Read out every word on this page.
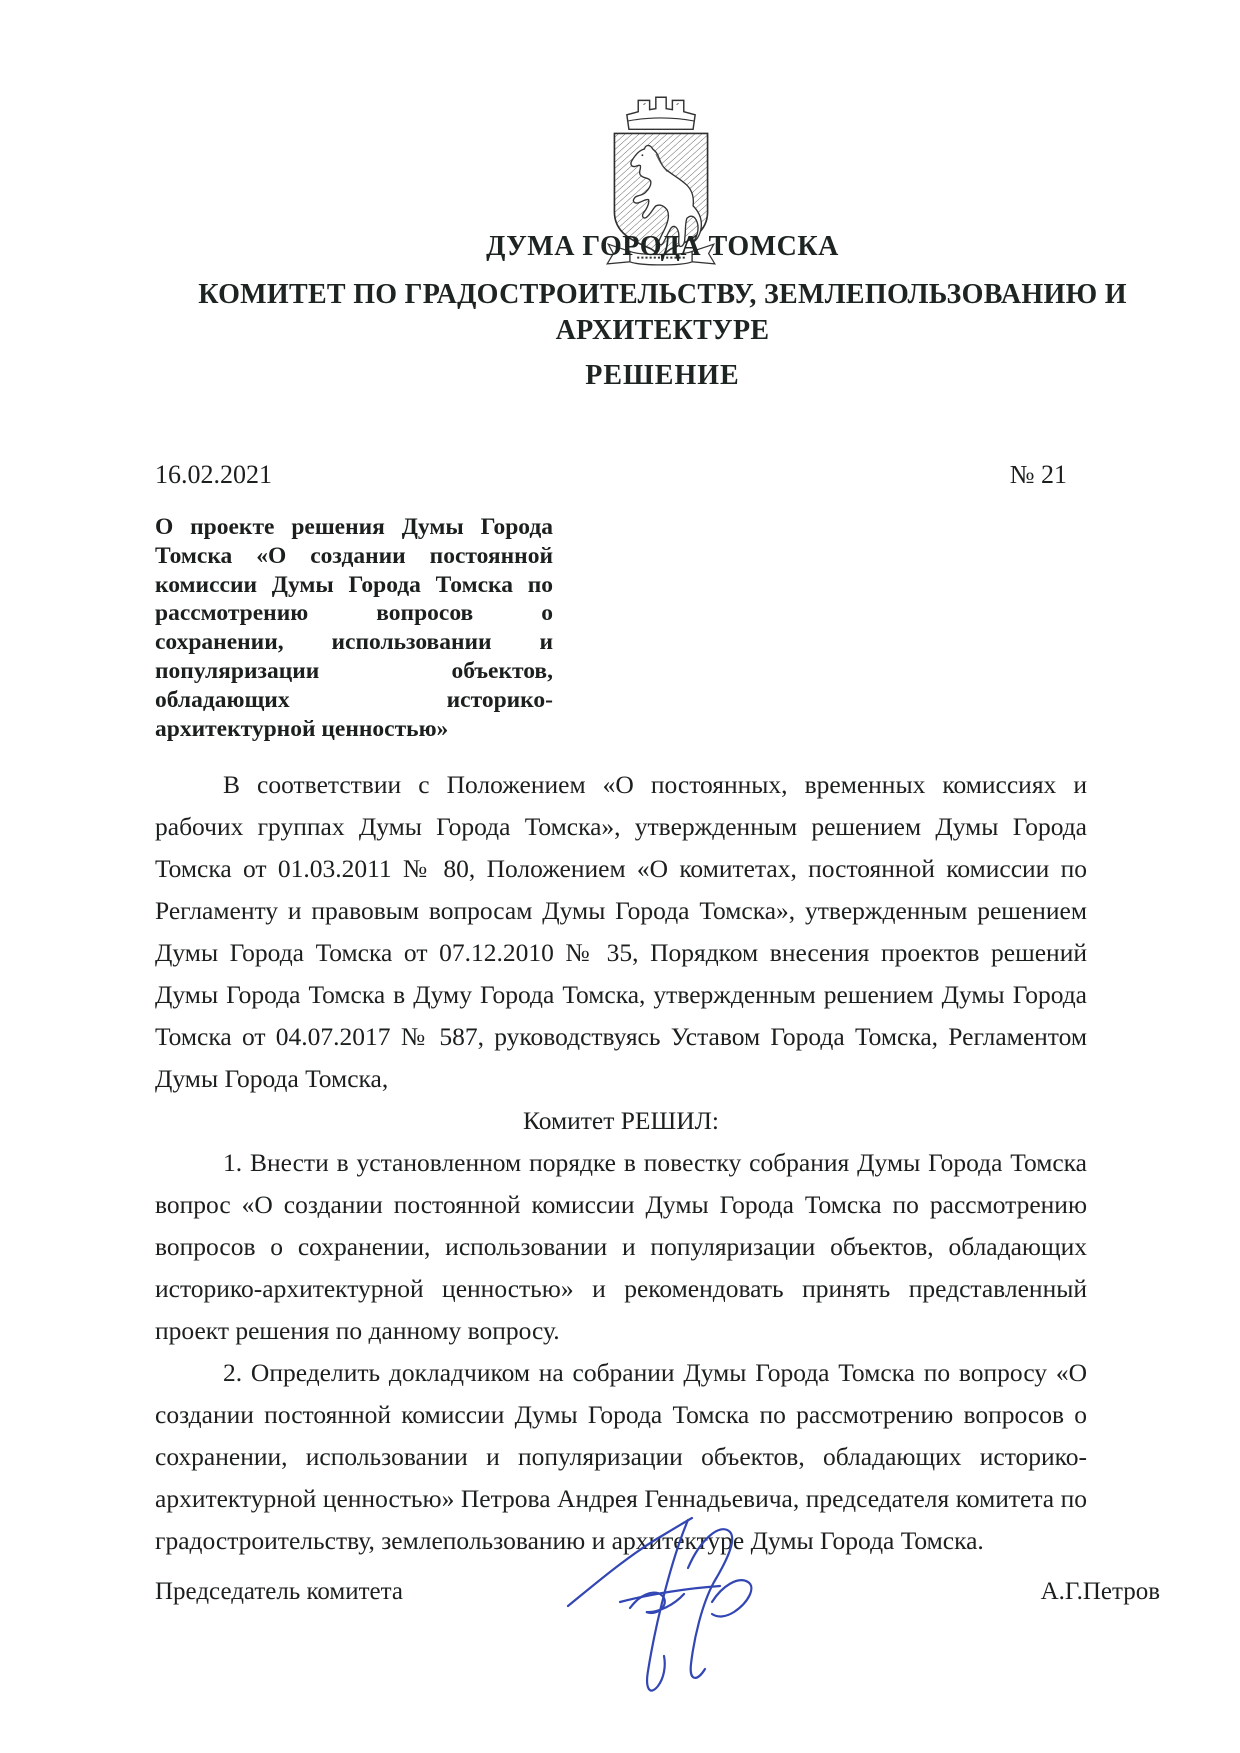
ДУМА ГОРОДА ТОМСКА
КОМИТЕТ ПО ГРАДОСТРОИТЕЛЬСТВУ, ЗЕМЛЕПОЛЬЗОВАНИЮ И АРХИТЕКТУРЕ
РЕШЕНИЕ
16.02.2021	№ 21
О проекте решения Думы Города Томска «О создании постоянной комиссии Думы Города Томска по рассмотрению вопросов о сохранении, использовании и популяризации объектов, обладающих историко-архитектурной ценностью»

В соответствии с Положением «О постоянных, временных комиссиях и рабочих группах Думы Города Томска», утвержденным решением Думы Города Томска от 01.03.2011 № 80, Положением «О комитетах, постоянной комиссии по Регламенту и правовым вопросам Думы Города Томска», утвержденным решением Думы Города Томска от 07.12.2010 № 35, Порядком внесения проектов решений Думы Города Томска в Думу Города Томска, утвержденным решением Думы Города Томска от 04.07.2017 № 587, руководствуясь Уставом Города Томска, Регламентом Думы Города Томска,

Комитет РЕШИЛ:

1. Внести в установленном порядке в повестку собрания Думы Города Томска вопрос «О создании постоянной комиссии Думы Города Томска по рассмотрению вопросов о сохранении, использовании и популяризации объектов, обладающих историко-архитектурной ценностью» и рекомендовать принять представленный проект решения по данному вопросу.

2. Определить докладчиком на собрании Думы Города Томска по вопросу «О создании постоянной комиссии Думы Города Томска по рассмотрению вопросов о сохранении, использовании и популяризации объектов, обладающих историко-архитектурной ценностью» Петрова Андрея Геннадьевича, председателя комитета по градостроительству, землепользованию и архитектуре Думы Города Томска.

Председатель комитета	А.Г.Петров
